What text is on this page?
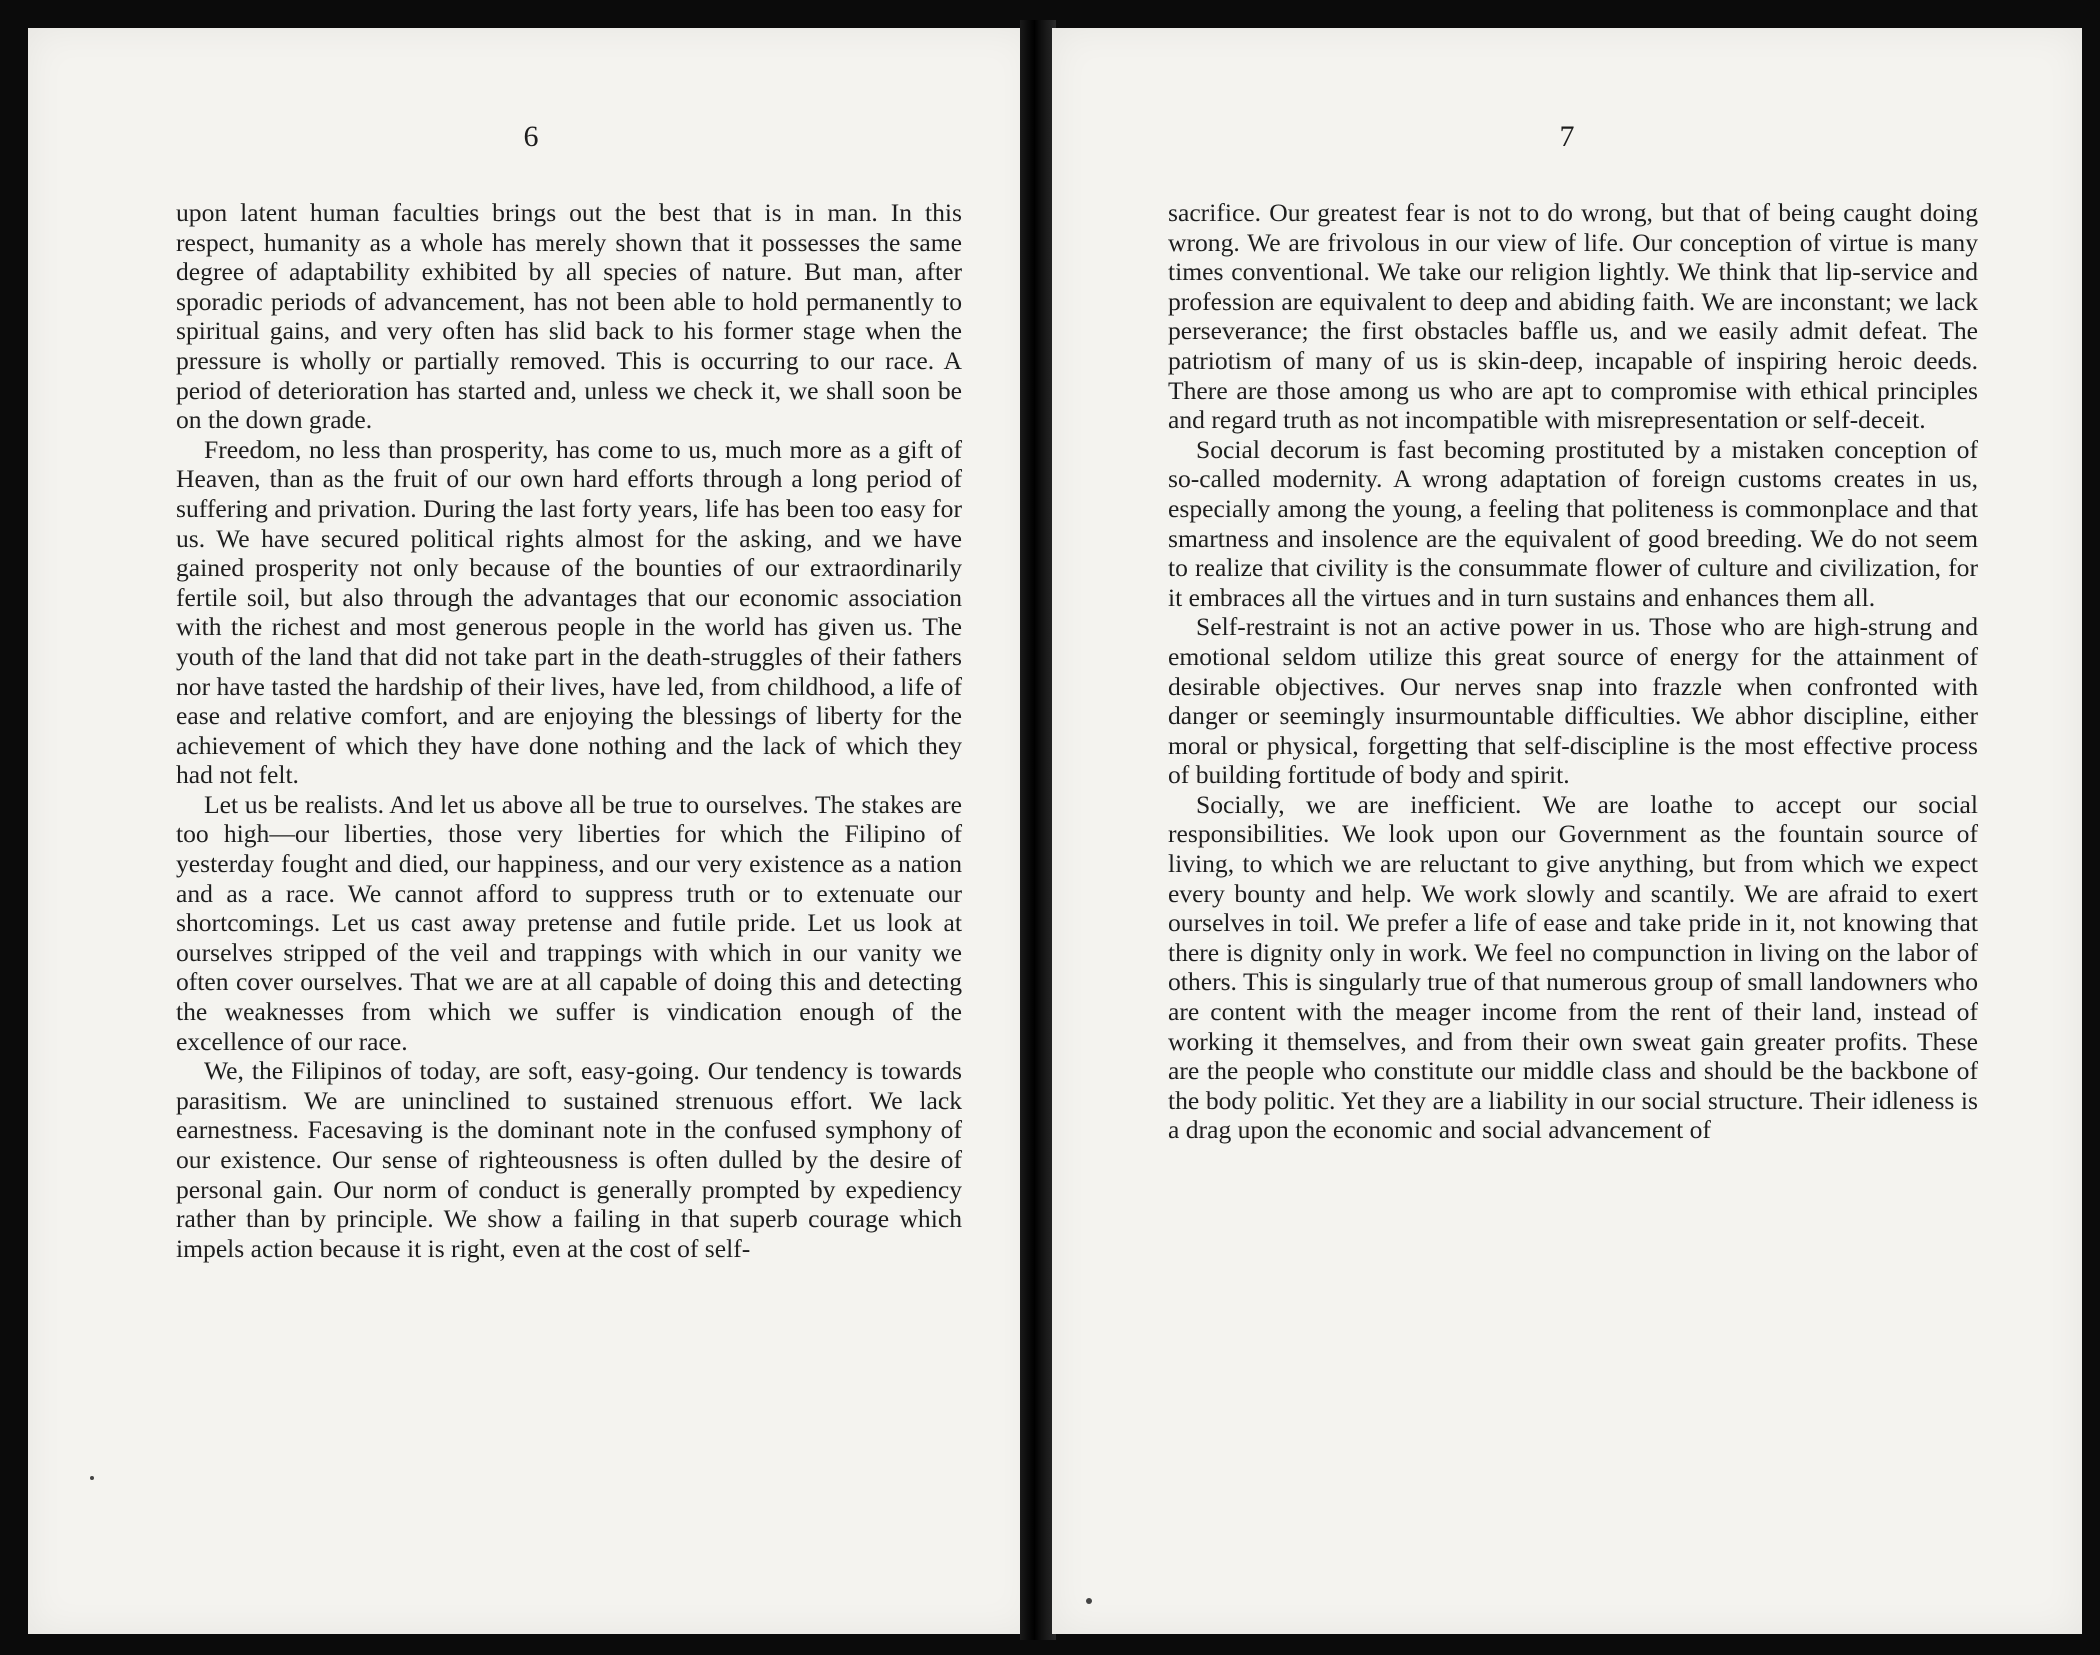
6

upon latent human faculties brings out the best that is in man. In this respect, humanity as a whole has merely shown that it possesses the same degree of adaptability exhibited by all species of nature. But man, after sporadic periods of advancement, has not been able to hold permanently to spiritual gains, and very often has slid back to his former stage when the pressure is wholly or partially removed. This is occurring to our race. A period of deterioration has started and, unless we check it, we shall soon be on the down grade.

Freedom, no less than prosperity, has come to us, much more as a gift of Heaven, than as the fruit of our own hard efforts through a long period of suffering and privation. During the last forty years, life has been too easy for us. We have secured political rights almost for the asking, and we have gained prosperity not only because of the bounties of our extraordinarily fertile soil, but also through the advantages that our economic association with the richest and most generous people in the world has given us. The youth of the land that did not take part in the death-struggles of their fathers nor have tasted the hardship of their lives, have led, from childhood, a life of ease and relative comfort, and are enjoying the blessings of liberty for the achievement of which they have done nothing and the lack of which they had not felt.

Let us be realists. And let us above all be true to ourselves. The stakes are too high—our liberties, those very liberties for which the Filipino of yesterday fought and died, our happiness, and our very existence as a nation and as a race. We cannot afford to suppress truth or to extenuate our shortcomings. Let us cast away pretense and futile pride. Let us look at ourselves stripped of the veil and trappings with which in our vanity we often cover ourselves. That we are at all capable of doing this and detecting the weaknesses from which we suffer is vindication enough of the excellence of our race.

We, the Filipinos of today, are soft, easy-going. Our tendency is towards parasitism. We are uninclined to sustained strenuous effort. We lack earnestness. Facesaving is the dominant note in the confused symphony of our existence. Our sense of righteousness is often dulled by the desire of personal gain. Our norm of conduct is generally prompted by expediency rather than by principle. We show a failing in that superb courage which impels action because it is right, even at the cost of self-

7

sacrifice. Our greatest fear is not to do wrong, but that of being caught doing wrong. We are frivolous in our view of life. Our conception of virtue is many times conventional. We take our religion lightly. We think that lip-service and profession are equivalent to deep and abiding faith. We are inconstant; we lack perseverance; the first obstacles baffle us, and we easily admit defeat. The patriotism of many of us is skin-deep, incapable of inspiring heroic deeds. There are those among us who are apt to compromise with ethical principles and regard truth as not incompatible with misrepresentation or self-deceit.

Social decorum is fast becoming prostituted by a mistaken conception of so-called modernity. A wrong adaptation of foreign customs creates in us, especially among the young, a feeling that politeness is commonplace and that smartness and insolence are the equivalent of good breeding. We do not seem to realize that civility is the consummate flower of culture and civilization, for it embraces all the virtues and in turn sustains and enhances them all.

Self-restraint is not an active power in us. Those who are high-strung and emotional seldom utilize this great source of energy for the attainment of desirable objectives. Our nerves snap into frazzle when confronted with danger or seemingly insurmountable difficulties. We abhor discipline, either moral or physical, forgetting that self-discipline is the most effective process of building fortitude of body and spirit.

Socially, we are inefficient. We are loathe to accept our social responsibilities. We look upon our Government as the fountain source of living, to which we are reluctant to give anything, but from which we expect every bounty and help. We work slowly and scantily. We are afraid to exert ourselves in toil. We prefer a life of ease and take pride in it, not knowing that there is dignity only in work. We feel no compunction in living on the labor of others. This is singularly true of that numerous group of small landowners who are content with the meager income from the rent of their land, instead of working it themselves, and from their own sweat gain greater profits. These are the people who constitute our middle class and should be the backbone of the body politic. Yet they are a liability in our social structure. Their idleness is a drag upon the economic and social advancement of
